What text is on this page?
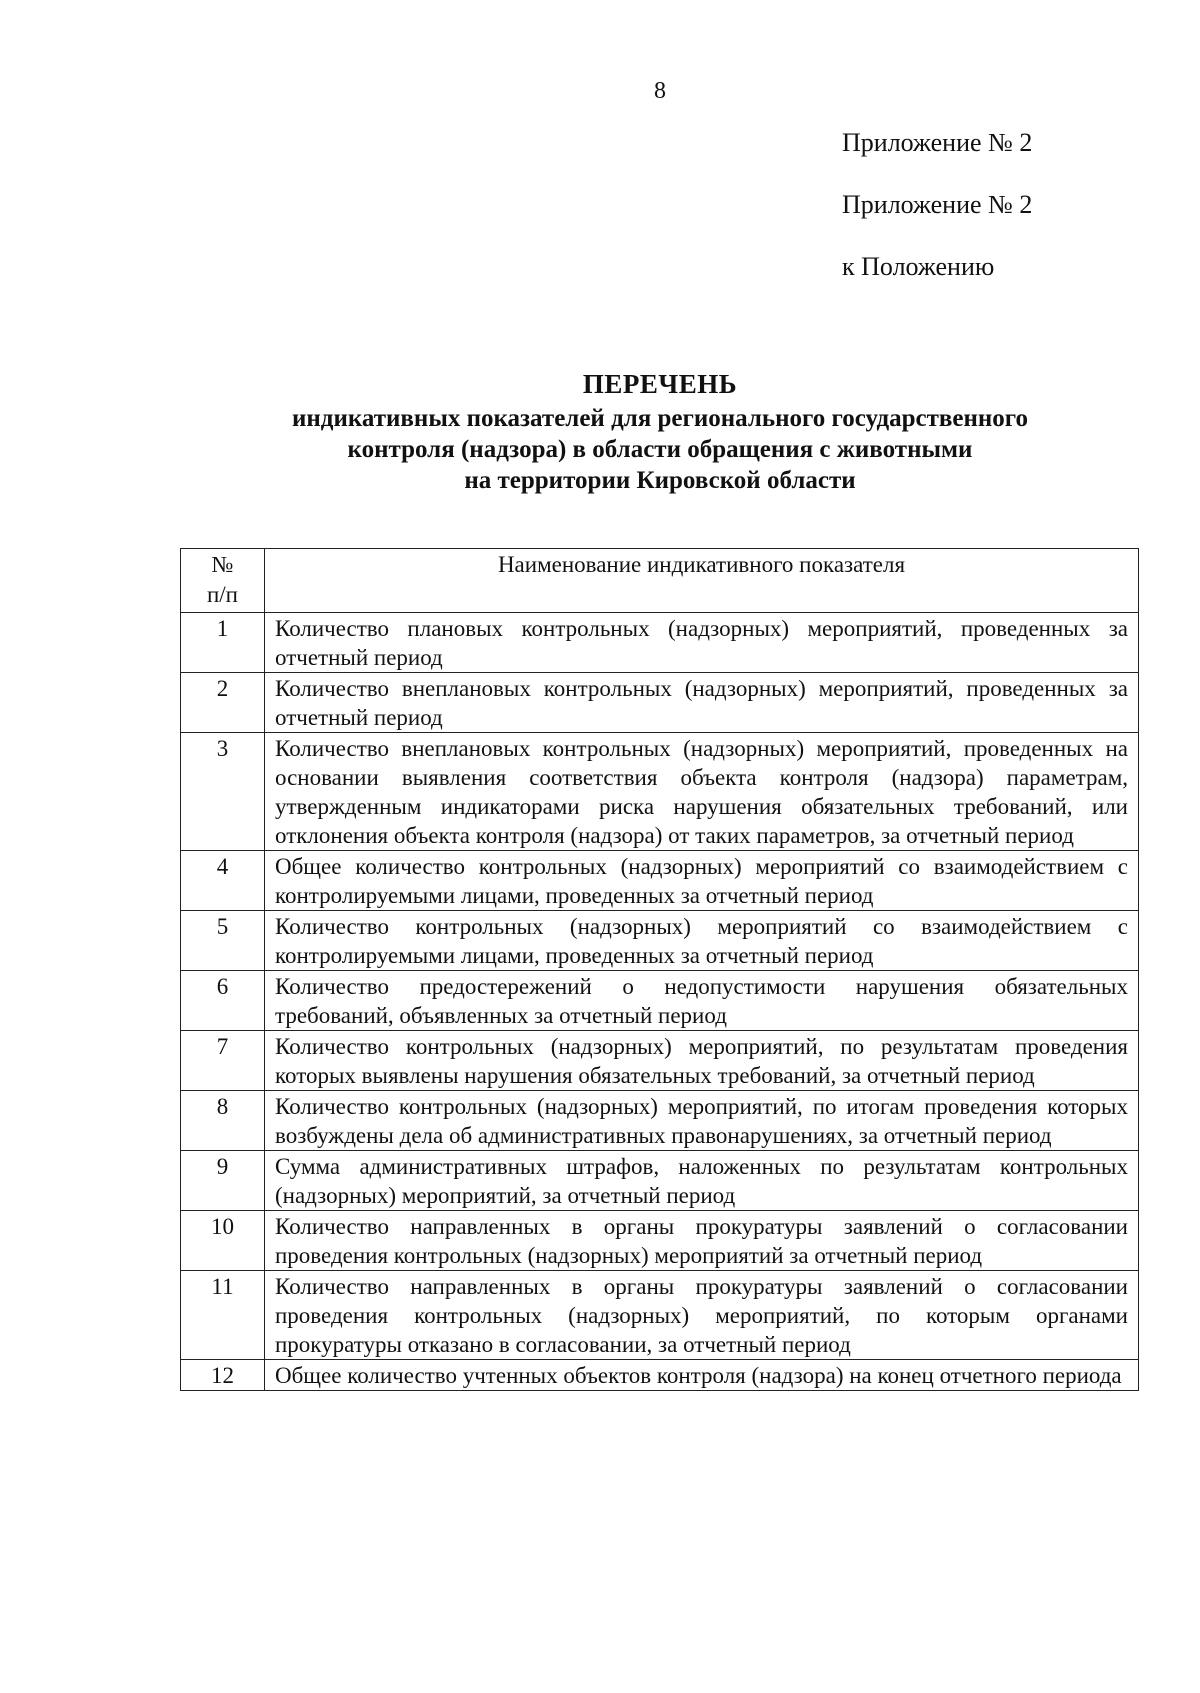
8
Приложение № 2
Приложение № 2
к Положению
ПЕРЕЧЕНЬ
индикативных показателей для регионального государственного
контроля (надзора) в области обращения с животными
на территории Кировской области
№
п/п	Наименование индикативного показателя
1	Количество плановых контрольных (надзорных) мероприятий, проведенных за отчетный период
2	Количество внеплановых контрольных (надзорных) мероприятий, проведенных за отчетный период
3	Количество внеплановых контрольных (надзорных) мероприятий, проведенных на основании выявления соответствия объекта контроля (надзора) параметрам, утвержденным индикаторами риска нарушения обязательных требований, или отклонения объекта контроля (надзора) от таких параметров, за отчетный период
4	Общее количество контрольных (надзорных) мероприятий со взаимодействием с контролируемыми лицами, проведенных за отчетный период
5	Количество контрольных (надзорных) мероприятий со взаимодействием с контролируемыми лицами, проведенных за отчетный период
6	Количество предостережений о недопустимости нарушения обязательных требований, объявленных за отчетный период
7	Количество контрольных (надзорных) мероприятий, по результатам проведения которых выявлены нарушения обязательных требований, за отчетный период
8	Количество контрольных (надзорных) мероприятий, по итогам проведения которых возбуждены дела об административных правонарушениях, за отчетный период
9	Сумма административных штрафов, наложенных по результатам контрольных (надзорных) мероприятий, за отчетный период
10	Количество направленных в органы прокуратуры заявлений о согласовании проведения контрольных (надзорных) мероприятий за отчетный период
11	Количество направленных в органы прокуратуры заявлений о согласовании проведения контрольных (надзорных) мероприятий, по которым органами прокуратуры отказано в согласовании, за отчетный период
12	Общее количество учтенных объектов контроля (надзора) на конец отчетного периода
